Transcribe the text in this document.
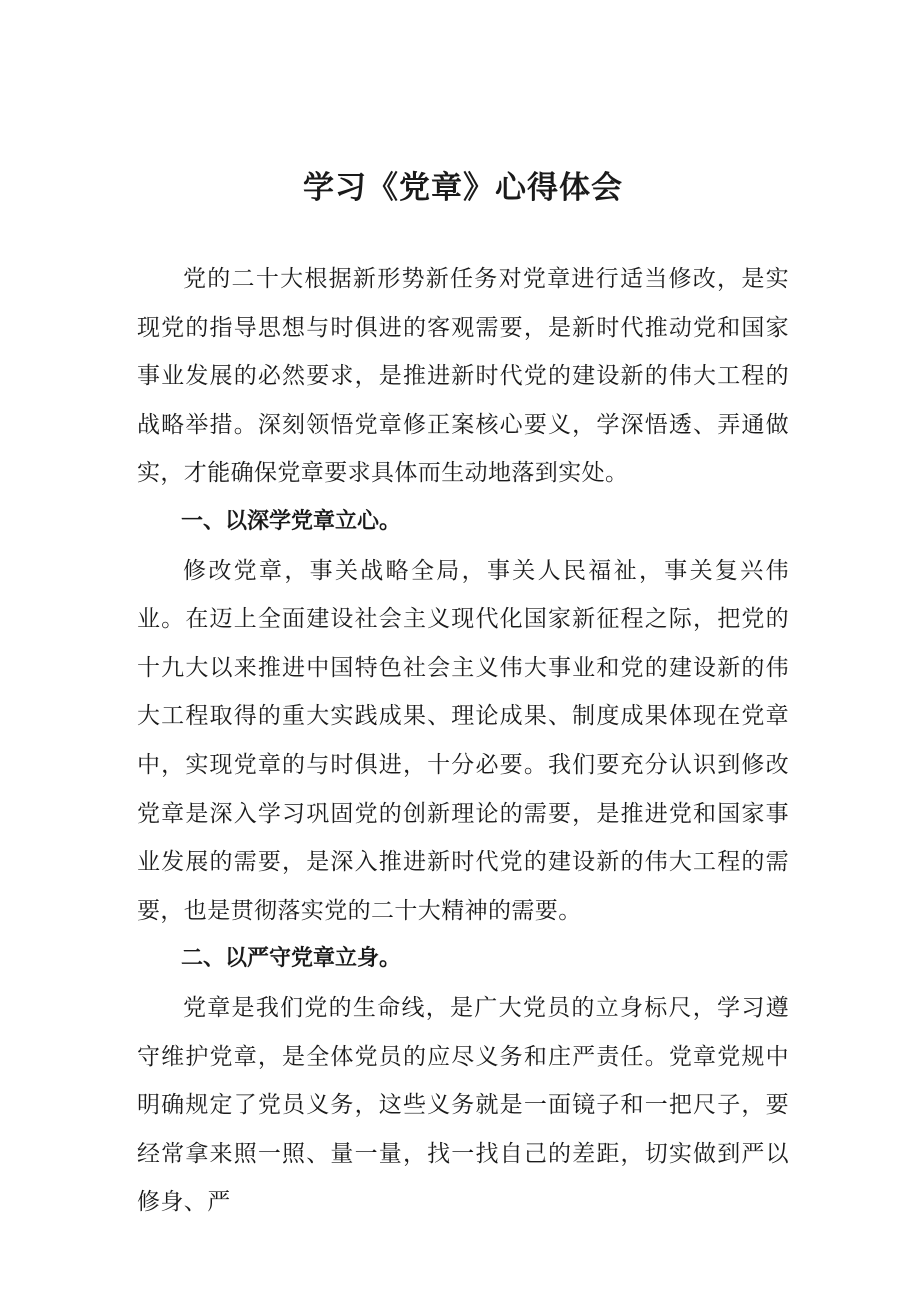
学习《党章》心得体会

党的二十大根据新形势新任务对党章进行适当修改，是实现党的指导思想与时俱进的客观需要，是新时代推动党和国家事业发展的必然要求，是推进新时代党的建设新的伟大工程的战略举措。深刻领悟党章修正案核心要义，学深悟透、弄通做实，才能确保党章要求具体而生动地落到实处。

一、以深学党章立心。

修改党章，事关战略全局，事关人民福祉，事关复兴伟业。在迈上全面建设社会主义现代化国家新征程之际，把党的十九大以来推进中国特色社会主义伟大事业和党的建设新的伟大工程取得的重大实践成果、理论成果、制度成果体现在党章中，实现党章的与时俱进，十分必要。我们要充分认识到修改党章是深入学习巩固党的创新理论的需要，是推进党和国家事业发展的需要，是深入推进新时代党的建设新的伟大工程的需要，也是贯彻落实党的二十大精神的需要。

二、以严守党章立身。

党章是我们党的生命线，是广大党员的立身标尺，学习遵守维护党章，是全体党员的应尽义务和庄严责任。党章党规中明确规定了党员义务，这些义务就是一面镜子和一把尺子，要经常拿来照一照、量一量，找一找自己的差距，切实做到严以修身、严
